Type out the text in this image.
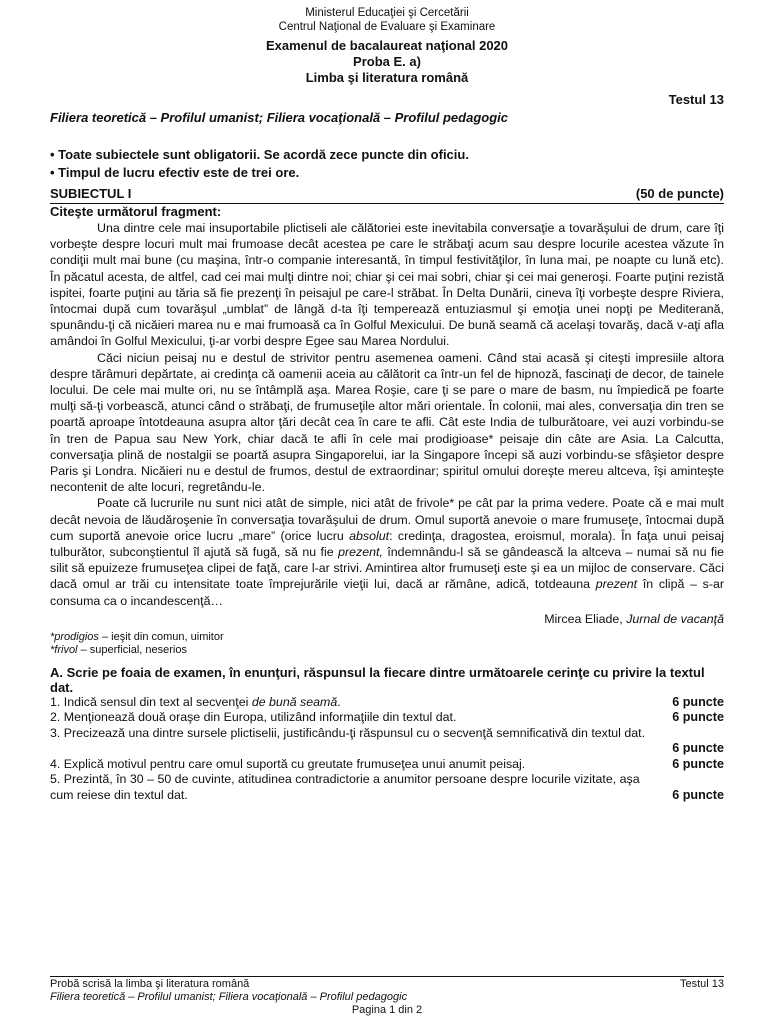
Ministerul Educaţiei şi Cercetării
Centrul Naţional de Evaluare şi Examinare
Examenul de bacalaureat naţional 2020
Proba E. a)
Limba şi literatura română
Testul 13
Filiera teoretică – Profilul umanist; Filiera vocaţională – Profilul pedagogic
• Toate subiectele sunt obligatorii. Se acordă zece puncte din oficiu.
• Timpul de lucru efectiv este de trei ore.
SUBIECTUL I	(50 de puncte)
Citeşte următorul fragment:

Una dintre cele mai insuportabile plictiseli ale călătoriei este inevitabila conversaţie a tovarăşului de drum, care îţi vorbeşte despre locuri mult mai frumoase decât acestea pe care le străbaţi acum sau despre locurile acestea văzute în condiţii mult mai bune (cu maşina, într-o companie interesantă, în timpul festivităţilor, în luna mai, pe noapte cu lună etc). În păcatul acesta, de altfel, cad cei mai mulţi dintre noi; chiar şi cei mai sobri, chiar şi cei mai generoşi. Foarte puţini rezistă ispitei, foarte puţini au tăria să fie prezenţi în peisajul pe care-l străbat. În Delta Dunării, cineva îţi vorbeşte despre Riviera, întocmai după cum tovarăşul „umblat” de lângă d-ta îţi temperează entuziasmul şi emoţia unei nopţi pe Mediterană, spunându-ţi că nicăieri marea nu e mai frumoasă ca în Golful Mexicului. De bună seamă că acelaşi tovarăş, dacă v-aţi afla amândoi în Golful Mexicului, ţi-ar vorbi despre Egee sau Marea Nordului.

Căci niciun peisaj nu e destul de strivitor pentru asemenea oameni. Când stai acasă şi citeşti impresiile altora despre tărâmuri depărtate, ai credinţa că oamenii aceia au călătorit ca într-un fel de hipnoză, fascinaţi de decor, de tainele locului. De cele mai multe ori, nu se întâmplă aşa. Marea Roşie, care ţi se pare o mare de basm, nu împiedică pe foarte mulţi să-ţi vorbească, atunci când o străbaţi, de frumuseţile altor mări orientale. În colonii, mai ales, conversaţia din tren se poartă aproape întotdeauna asupra altor ţări decât cea în care te afli. Cât este India de tulburătoare, vei auzi vorbindu-se în tren de Papua sau New York, chiar dacă te afli în cele mai prodigioase* peisaje din câte are Asia. La Calcutta, conversaţia plină de nostalgii se poartă asupra Singaporelui, iar la Singapore începi să auzi vorbindu-se sfâşietor despre Paris şi Londra. Nicăieri nu e destul de frumos, destul de extraordinar; spiritul omului doreşte mereu altceva, îşi aminteşte necontenit de alte locuri, regretându-le.

Poate că lucrurile nu sunt nici atât de simple, nici atât de frivole* pe cât par la prima vedere. Poate că e mai mult decât nevoia de lăudăroşenie în conversaţia tovarăşului de drum. Omul suportă anevoie o mare frumuseţe, întocmai după cum suportă anevoie orice lucru „mare” (orice lucru absolut: credinţa, dragostea, eroismul, morala). În faţa unui peisaj tulburător, subconştientul îl ajută să fugă, să nu fie prezent, îndemnându-l să se gândească la altceva – numai să nu fie silit să epuizeze frumuseţea clipei de faţă, care l-ar strivi. Amintirea altor frumuseţi este şi ea un mijloc de conservare. Căci dacă omul ar trăi cu intensitate toate împrejurările vieţii lui, dacă ar rămâne, adică, totdeauna prezent în clipă – s-ar consuma ca o incandescenţă…

Mircea Eliade, Jurnal de vacanţă
*prodigios – ieşit din comun, uimitor
*frivol – superficial, neserios
A. Scrie pe foaia de examen, în enunţuri, răspunsul la fiecare dintre următoarele cerinţe cu privire la textul dat.
1. Indică sensul din text al secvenţei de bună seamă.	6 puncte
2. Menţionează două oraşe din Europa, utilizând informaţiile din textul dat.	6 puncte
3. Precizează una dintre sursele plictiselii, justificându-ţi răspunsul cu o secvenţă semnificativă din textul dat.
6 puncte
4. Explică motivul pentru care omul suportă cu greutate frumuseţea unui anumit peisaj.	6 puncte
5. Prezintă, în 30 – 50 de cuvinte, atitudinea contradictorie a anumitor persoane despre locurile vizitate, aşa cum reiese din textul dat.	6 puncte
Probă scrisă la limba şi literatura română	Testul 13
Filiera teoretică – Profilul umanist; Filiera vocaţională – Profilul pedagogic
Pagina 1 din 2
